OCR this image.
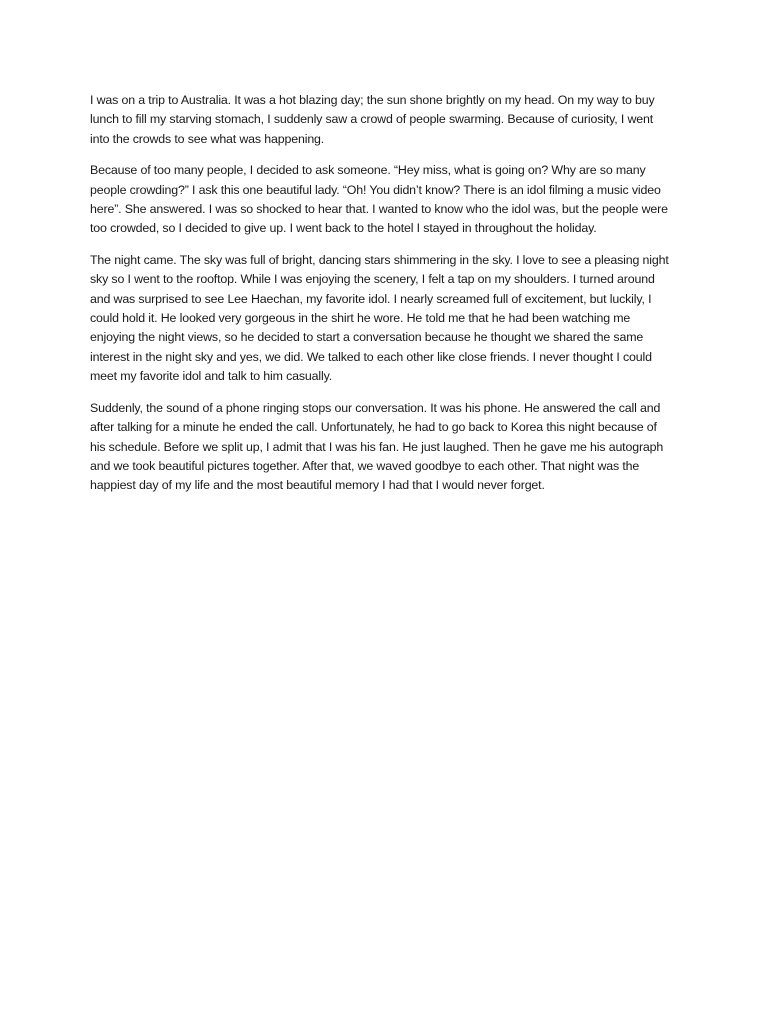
I was on a trip to Australia. It was a hot blazing day; the sun shone brightly on my head. On my way to buy lunch to fill my starving stomach, I suddenly saw a crowd of people swarming. Because of curiosity, I went into the crowds to see what was happening.

Because of too many people, I decided to ask someone. “Hey miss, what is going on? Why are so many people crowding?” I ask this one beautiful lady. “Oh! You didn’t know? There is an idol filming a music video here”. She answered. I was so shocked to hear that. I wanted to know who the idol was, but the people were too crowded, so I decided to give up. I went back to the hotel I stayed in throughout the holiday.

The night came. The sky was full of bright, dancing stars shimmering in the sky. I love to see a pleasing night sky so I went to the rooftop. While I was enjoying the scenery, I felt a tap on my shoulders. I turned around and was surprised to see Lee Haechan, my favorite idol. I nearly screamed full of excitement, but luckily, I could hold it. He looked very gorgeous in the shirt he wore. He told me that he had been watching me enjoying the night views, so he decided to start a conversation because he thought we shared the same interest in the night sky and yes, we did. We talked to each other like close friends. I never thought I could meet my favorite idol and talk to him casually.

Suddenly, the sound of a phone ringing stops our conversation. It was his phone. He answered the call and after talking for a minute he ended the call. Unfortunately, he had to go back to Korea this night because of his schedule. Before we split up, I admit that I was his fan. He just laughed. Then he gave me his autograph and we took beautiful pictures together. After that, we waved goodbye to each other. That night was the happiest day of my life and the most beautiful memory I had that I would never forget.
